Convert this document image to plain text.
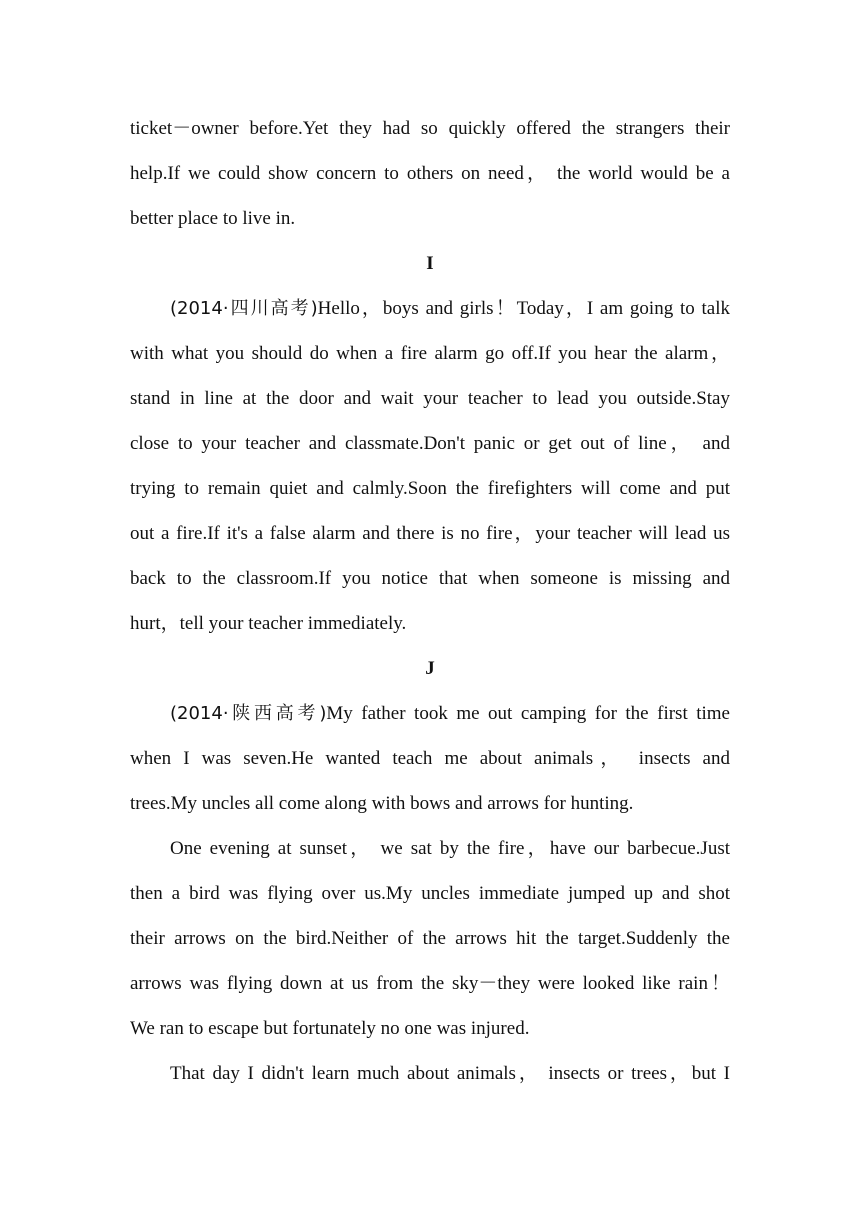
ticket－owner before.Yet they had so quickly offered the strangers their
help.If we could show concern to others on need， the world would be a
better place to live in.
I
(2014·四川高考)Hello，boys and girls！Today，I am going to talk
with what you should do when a fire alarm go off.If you hear the alarm，
stand in line at the door and wait your teacher to lead you outside.Stay
close to your teacher and classmate.Don't panic or get out of line， and
trying to remain quiet and calmly.Soon the firefighters will come and put
out a fire.If it's a false alarm and there is no fire，your teacher will lead us
back to the classroom.If you notice that when someone is missing and
hurt，tell your teacher immediately.
J
(2014·陕西高考)My father took me out camping for the first time
when I was seven.He wanted teach me about animals， insects and
trees.My uncles all come along with bows and arrows for hunting.
One evening at sunset， we sat by the fire，have our barbecue.Just
then a bird was flying over us.My uncles immediate jumped up and shot
their arrows on the bird.Neither of the arrows hit the target.Suddenly the
arrows was flying down at us from the sky－they were looked like rain！
We ran to escape but fortunately no one was injured.
That day I didn't learn much about animals， insects or trees，but I
